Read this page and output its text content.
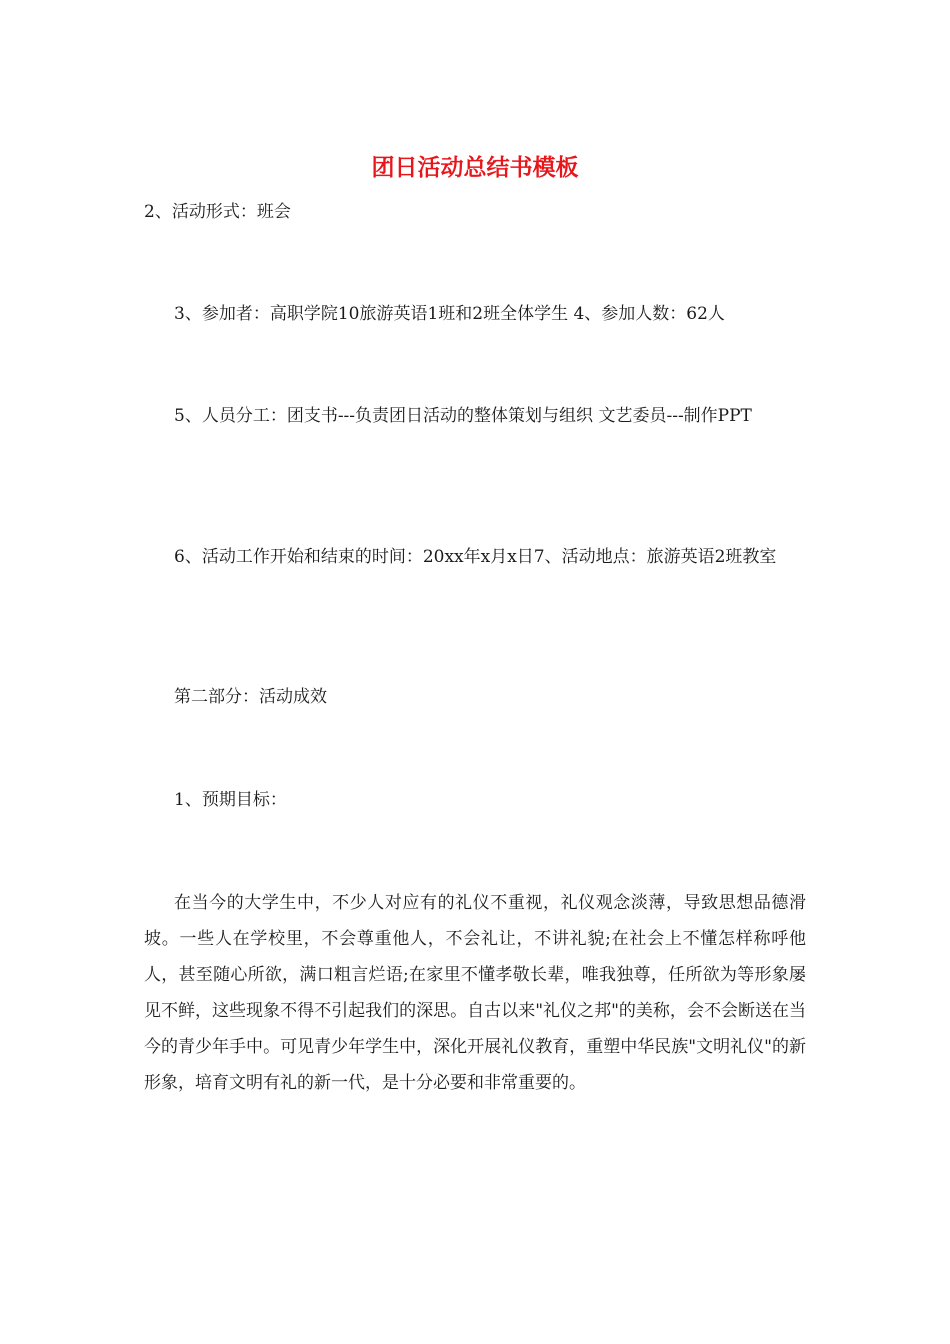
团日活动总结书模板

2、活动形式：班会

3、参加者：高职学院10旅游英语1班和2班全体学生 4、参加人数：62人

5、人员分工：团支书---负责团日活动的整体策划与组织 文艺委员---制作PPT

6、活动工作开始和结束的时间：20xx年x月x日7、活动地点：旅游英语2班教室

第二部分：活动成效

1、预期目标：

在当今的大学生中，不少人对应有的礼仪不重视，礼仪观念淡薄，导致思想品德滑坡。一些人在学校里，不会尊重他人，不会礼让，不讲礼貌;在社会上不懂怎样称呼他人，甚至随心所欲，满口粗言烂语;在家里不懂孝敬长辈，唯我独尊，任所欲为等形象屡见不鲜，这些现象不得不引起我们的深思。自古以来"礼仪之邦"的美称，会不会断送在当今的青少年手中。可见青少年学生中，深化开展礼仪教育，重塑中华民族"文明礼仪"的新形象，培育文明有礼的新一代，是十分必要和非常重要的。
